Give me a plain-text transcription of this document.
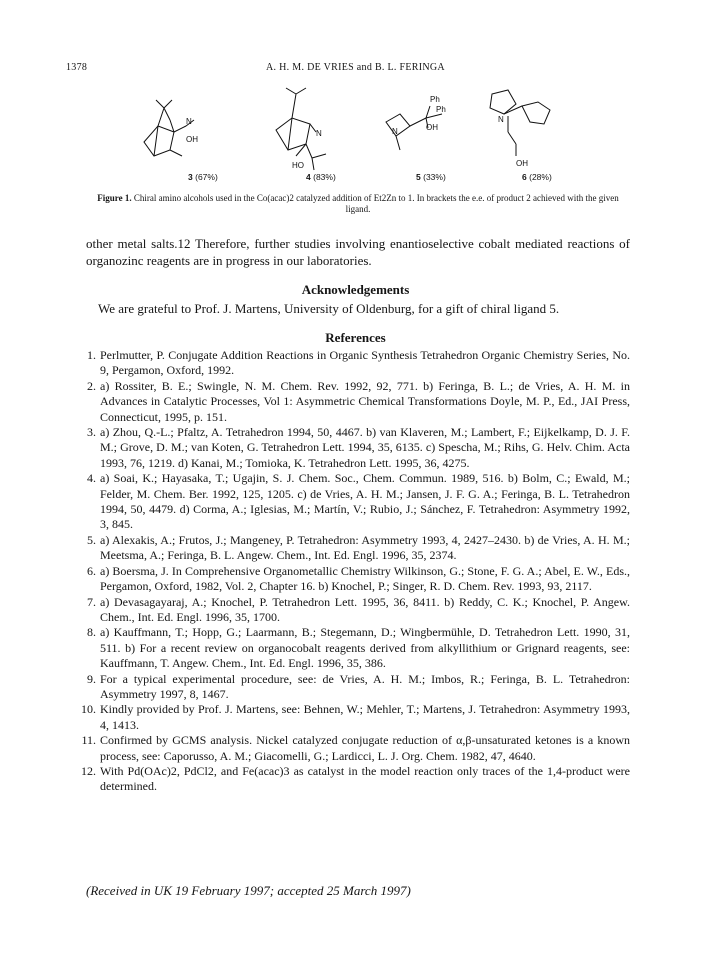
1378	A. H. M. DE VRIES and B. L. FERINGA
N
OH
N
HO
Ph
Ph
OH
N
N
OH
3 (67%)	4 (83%)	5 (33%)	6 (28%)
Figure 1. Chiral amino alcohols used in the Co(acac)2 catalyzed addition of Et2Zn to 1. In brackets the e.e. of product 2 achieved with the given ligand.
other metal salts.12 Therefore, further studies involving enantioselective cobalt mediated reactions of organozinc reagents are in progress in our laboratories.
Acknowledgements
We are grateful to Prof. J. Martens, University of Oldenburg, for a gift of chiral ligand 5.
References

1. Perlmutter, P. Conjugate Addition Reactions in Organic Synthesis Tetrahedron Organic Chemistry Series, No. 9, Pergamon, Oxford, 1992.

2. a) Rossiter, B. E.; Swingle, N. M. Chem. Rev. 1992, 92, 771. b) Feringa, B. L.; de Vries, A. H. M. in Advances in Catalytic Processes, Vol 1: Asymmetric Chemical Transformations Doyle, M. P., Ed., JAI Press, Connecticut, 1995, p. 151.

3. a) Zhou, Q.-L.; Pfaltz, A. Tetrahedron 1994, 50, 4467. b) van Klaveren, M.; Lambert, F.; Eijkelkamp, D. J. F. M.; Grove, D. M.; van Koten, G. Tetrahedron Lett. 1994, 35, 6135. c) Spescha, M.; Rihs, G. Helv. Chim. Acta 1993, 76, 1219. d) Kanai, M.; Tomioka, K. Tetrahedron Lett. 1995, 36, 4275.

4. a) Soai, K.; Hayasaka, T.; Ugajin, S. J. Chem. Soc., Chem. Commun. 1989, 516. b) Bolm, C.; Ewald, M.; Felder, M. Chem. Ber. 1992, 125, 1205. c) de Vries, A. H. M.; Jansen, J. F. G. A.; Feringa, B. L. Tetrahedron 1994, 50, 4479. d) Corma, A.; Iglesias, M.; Martín, V.; Rubio, J.; Sánchez, F. Tetrahedron: Asymmetry 1992, 3, 845.

5. a) Alexakis, A.; Frutos, J.; Mangeney, P. Tetrahedron: Asymmetry 1993, 4, 2427–2430. b) de Vries, A. H. M.; Meetsma, A.; Feringa, B. L. Angew. Chem., Int. Ed. Engl. 1996, 35, 2374.

6. a) Boersma, J. In Comprehensive Organometallic Chemistry Wilkinson, G.; Stone, F. G. A.; Abel, E. W., Eds., Pergamon, Oxford, 1982, Vol. 2, Chapter 16. b) Knochel, P.; Singer, R. D. Chem. Rev. 1993, 93, 2117.

7. a) Devasagayaraj, A.; Knochel, P. Tetrahedron Lett. 1995, 36, 8411. b) Reddy, C. K.; Knochel, P. Angew. Chem., Int. Ed. Engl. 1996, 35, 1700.

8. a) Kauffmann, T.; Hopp, G.; Laarmann, B.; Stegemann, D.; Wingbermühle, D. Tetrahedron Lett. 1990, 31, 511. b) For a recent review on organocobalt reagents derived from alkyllithium or Grignard reagents, see: Kauffmann, T. Angew. Chem., Int. Ed. Engl. 1996, 35, 386.

9. For a typical experimental procedure, see: de Vries, A. H. M.; Imbos, R.; Feringa, B. L. Tetrahedron: Asymmetry 1997, 8, 1467.

10. Kindly provided by Prof. J. Martens, see: Behnen, W.; Mehler, T.; Martens, J. Tetrahedron: Asymmetry 1993, 4, 1413.

11. Confirmed by GCMS analysis. Nickel catalyzed conjugate reduction of α,β-unsaturated ketones is a known process, see: Caporusso, A. M.; Giacomelli, G.; Lardicci, L. J. Org. Chem. 1982, 47, 4640.

12. With Pd(OAc)2, PdCl2, and Fe(acac)3 as catalyst in the model reaction only traces of the 1,4-product were determined.

(Received in UK 19 February 1997; accepted 25 March 1997)
